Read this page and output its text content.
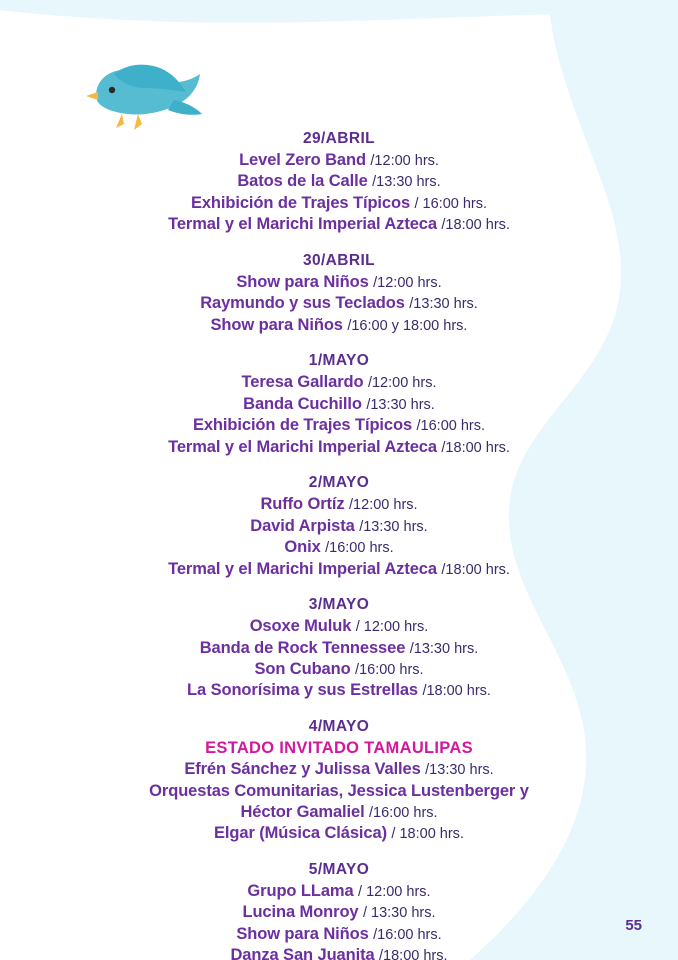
29/ABRIL
Level Zero Band /12:00 hrs.
Batos de la Calle /13:30 hrs.
Exhibición de Trajes Típicos / 16:00 hrs.
Termal y el Marichi Imperial Azteca /18:00 hrs.
30/ABRIL
Show para Niños /12:00 hrs.
Raymundo y sus Teclados /13:30 hrs.
Show para Niños /16:00 y 18:00 hrs.
1/MAYO
Teresa Gallardo /12:00 hrs.
Banda Cuchillo /13:30 hrs.
Exhibición de Trajes Típicos /16:00 hrs.
Termal y el Marichi Imperial Azteca /18:00 hrs.
2/MAYO
Ruffo Ortíz /12:00 hrs.
David Arpista /13:30 hrs.
Onix /16:00 hrs.
Termal y el Marichi Imperial Azteca /18:00 hrs.
3/MAYO
Osoxe Muluk / 12:00 hrs.
Banda de Rock Tennessee /13:30 hrs.
Son Cubano /16:00 hrs.
La Sonorísima y sus Estrellas /18:00 hrs.
4/MAYO
ESTADO INVITADO TAMAULIPAS
Efrén Sánchez y Julissa Valles /13:30 hrs.
Orquestas Comunitarias, Jessica Lustenberger y
Héctor Gamaliel /16:00 hrs.
Elgar (Música Clásica) / 18:00 hrs.
5/MAYO
Grupo LLama / 12:00 hrs.
Lucina Monroy / 13:30 hrs.
Show para Niños /16:00 hrs.
Danza San Juanita /18:00 hrs.
55
